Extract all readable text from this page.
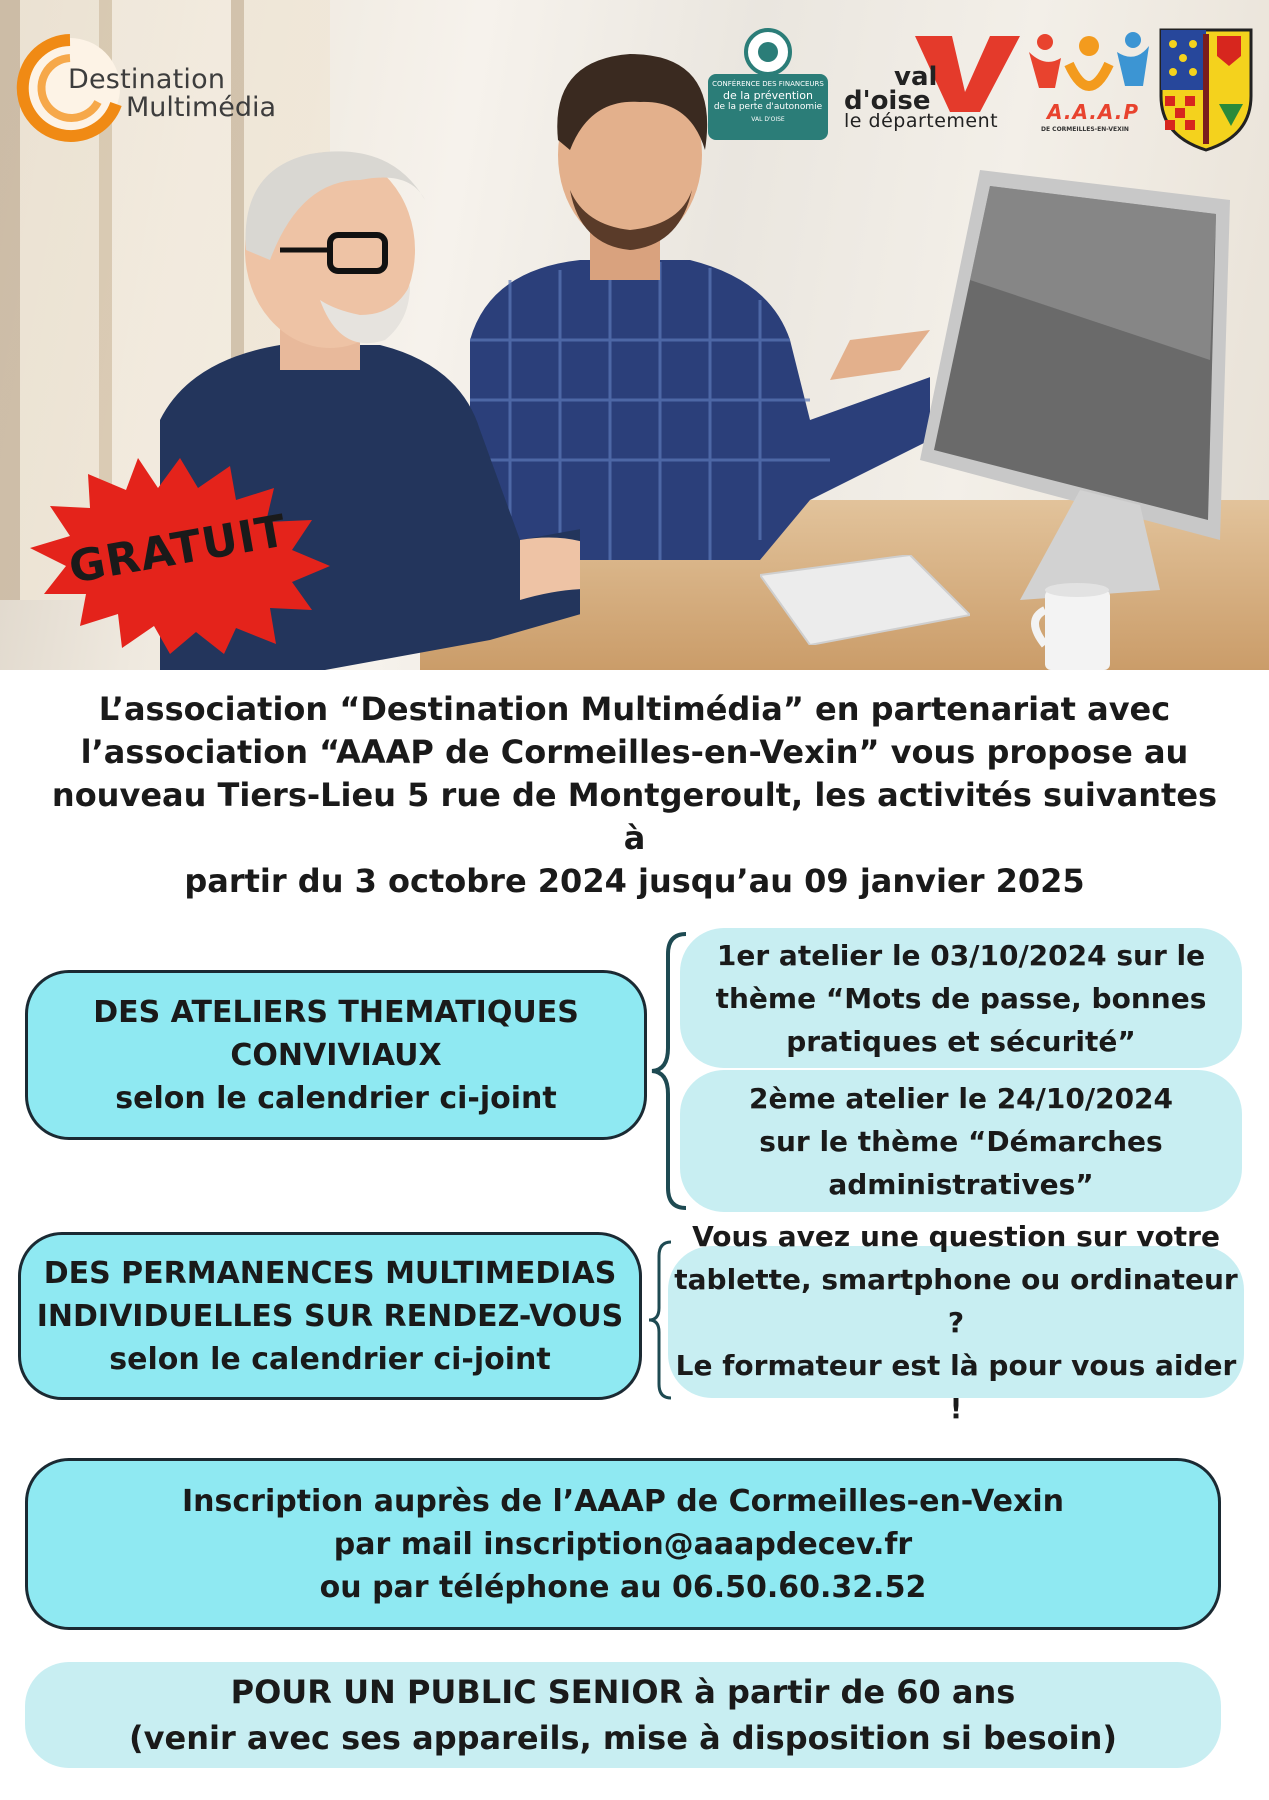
Destination
Multimédia
CONFÉRENCE DES FINANCEURS
de la prévention
de la perte d'autonomie
VAL D'OISE
val
d'oise
le département A.A.A.P
DE CORMEILLES-EN-VEXIN
GRATUIT
L’association “Destination Multimédia” en partenariat avec
l’association “AAAP de Cormeilles-en-Vexin” vous propose au
nouveau Tiers-Lieu 5 rue de Montgeroult, les activités suivantes à
partir du 3 octobre 2024 jusqu’au 09 janvier 2025
DES ATELIERS THEMATIQUES
CONVIVIAUX
selon le calendrier ci-joint
1er atelier le 03/10/2024 sur le
thème “Mots de passe, bonnes
pratiques et sécurité”
2ème atelier le 24/10/2024
sur le thème “Démarches
administratives”
DES PERMANENCES MULTIMEDIAS
INDIVIDUELLES SUR RENDEZ-VOUS
selon le calendrier ci-joint
Vous avez une question sur votre
tablette, smartphone ou ordinateur ?
Le formateur est là pour vous aider !
Inscription auprès de l’AAAP de Cormeilles-en-Vexin
par mail inscription@aaapdecev.fr
ou par téléphone au 06.50.60.32.52
POUR UN PUBLIC SENIOR à partir de 60 ans
(venir avec ses appareils, mise à disposition si besoin)
